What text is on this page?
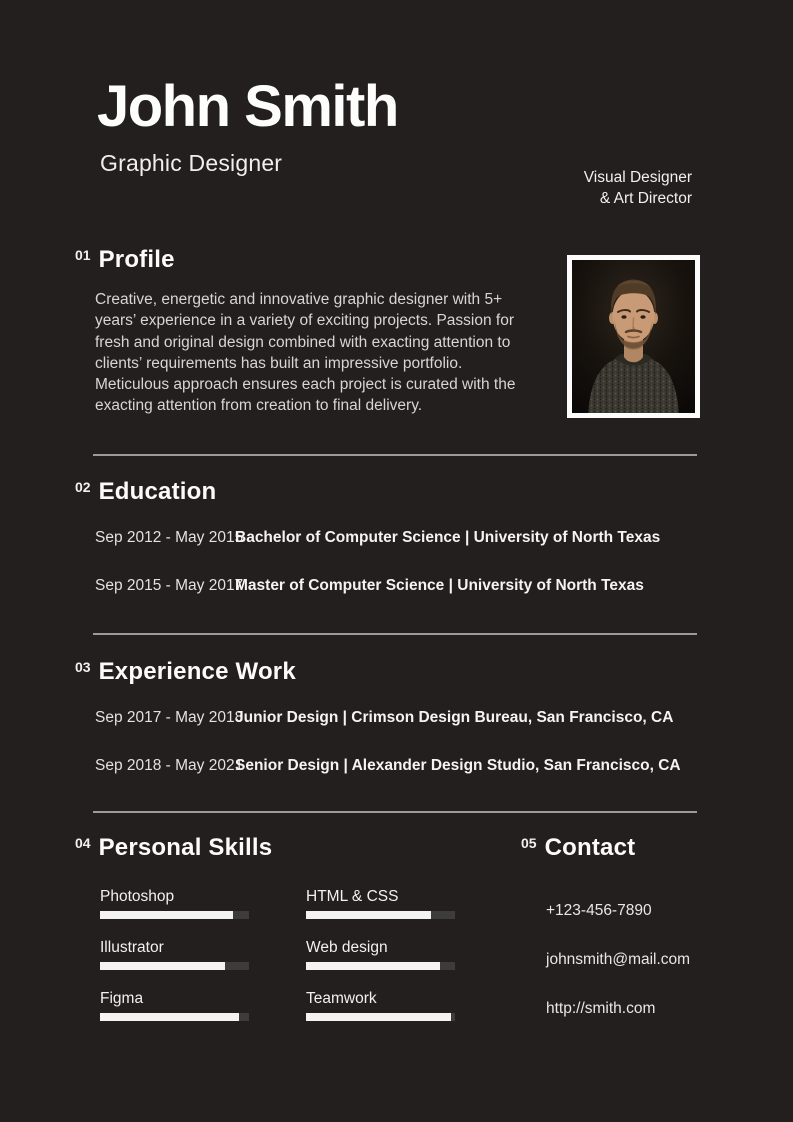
John Smith
Graphic Designer
Visual Designer
& Art Director
01 Profile

Creative, energetic and innovative graphic designer with 5+ years’ experience in a variety of exciting projects. Passion for fresh and original design combined with exacting attention to clients’ requirements has built an impressive portfolio. Meticulous approach ensures each project is curated with the exacting attention from creation to final delivery.

02 Education
Sep 2012 - May 2015
Bachelor of Computer Science | University of North Texas
Sep 2015 - May 2017
Master of Computer Science | University of North Texas
03 Experience Work
Sep 2017 - May 2018
Junior Design | Crimson Design Bureau, San Francisco, CA
Sep 2018 - May 2021
Senior Design | Alexander Design Studio, San Francisco, CA
04 Personal Skills
Photoshop	HTML & CSS
Illustrator	Web design
Figma	Teamwork
05 Contact
+123-456-7890
johnsmith@mail.com
http://smith.com
